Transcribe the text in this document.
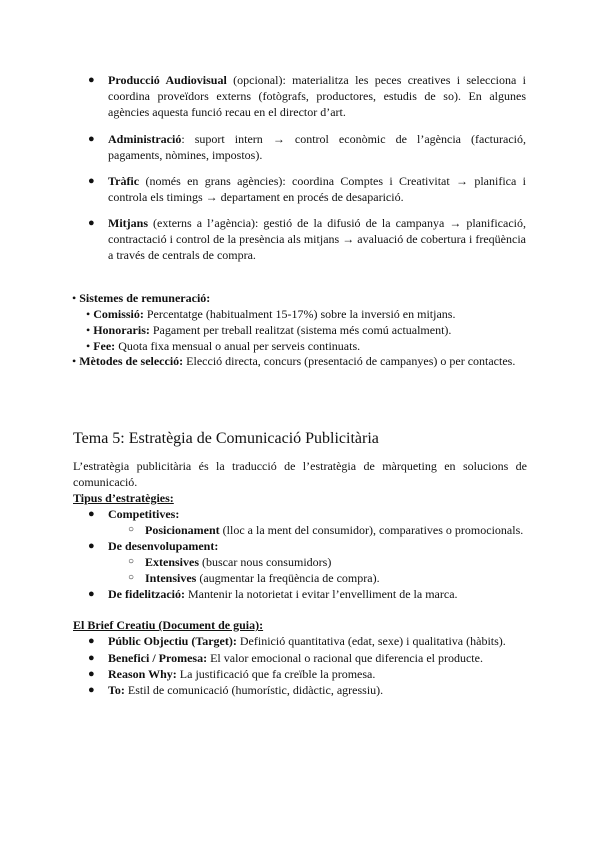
● Producció Audiovisual (opcional): materialitza les peces creatives i selecciona i coordina proveïdors externs (fotògrafs, productores, estudis de so). En algunes agències aquesta funció recau en el director d’art.
● Administració: suport intern → control econòmic de l’agència (facturació, pagaments, nòmines, impostos).
● Tràfic (només en grans agències): coordina Comptes i Creativitat → planifica i controla els timings → departament en procés de desaparició.
● Mitjans (externs a l’agència): gestió de la difusió de la campanya → planificació, contractació i control de la presència als mitjans → avaluació de cobertura i freqüència a través de centrals de compra.
• Sistemes de remuneració:
• Comissió: Percentatge (habitualment 15-17%) sobre la inversió en mitjans.
• Honoraris: Pagament per treball realitzat (sistema més comú actualment).
• Fee: Quota fixa mensual o anual per serveis continuats.
• Mètodes de selecció: Elecció directa, concurs (presentació de campanyes) o per contactes.
Tema 5: Estratègia de Comunicació Publicitària
L’estratègia publicitària és la traducció de l’estratègia de màrqueting en solucions de comunicació.
Tipus d’estratègies:
● Competitives:
○ Posicionament (lloc a la ment del consumidor), comparatives o promocionals.
● De desenvolupament:
○ Extensives (buscar nous consumidors)
○ Intensives (augmentar la freqüència de compra).
● De fidelització: Mantenir la notorietat i evitar l’envelliment de la marca.
El Brief Creatiu (Document de guia):
● Públic Objectiu (Target): Definició quantitativa (edat, sexe) i qualitativa (hàbits).
● Benefici / Promesa: El valor emocional o racional que diferencia el producte.
● Reason Why: La justificació que fa creïble la promesa.
● To: Estil de comunicació (humorístic, didàctic, agressiu).
